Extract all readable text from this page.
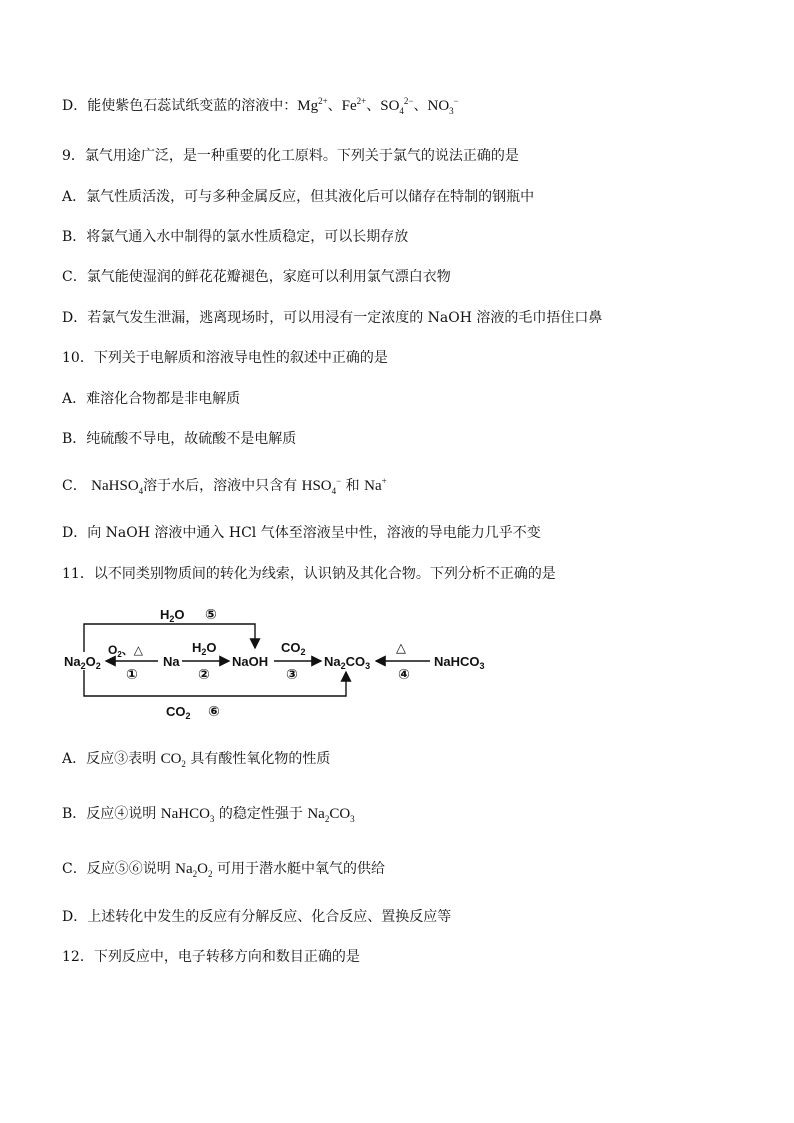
D．能使紫色石蕊试纸变蓝的溶液中：$Mg^{2+}$、$Fe^{2+}$、$SO_4^{2-}$、$NO_3^-$
9．氯气用途广泛，是一种重要的化工原料。下列关于氯气的说法正确的是
A．氯气性质活泼，可与多种金属反应，但其液化后可以储存在特制的钢瓶中
B．将氯气通入水中制得的氯水性质稳定，可以长期存放
C．氯气能使湿润的鲜花花瓣褪色，家庭可以利用氯气漂白衣物
D．若氯气发生泄漏，逃离现场时，可以用浸有一定浓度的 NaOH 溶液的毛巾捂住口鼻
10．下列关于电解质和溶液导电性的叙述中正确的是
A．难溶化合物都是非电解质
B．纯硫酸不导电，故硫酸不是电解质
C． NaHSO$_4$溶于水后，溶液中只含有 $HSO_4^-$ 和 Na+
D．向 NaOH 溶液中通入 HCl 气体至溶液呈中性，溶液的导电能力几乎不变
11．以不同类别物质间的转化为线索，认识钠及其化合物。下列分析不正确的是
$H_2O$ ⑤
$CO_2$ ⑥
$Na_2O_2$	Na	NaOH	$Na_2CO_3$	NaHCO$_3$
$O_2$、△
①
$H_2O$
②
$CO_2$
③
△
④
A．反应③表明 $CO_2$ 具有酸性氧化物的性质
B．反应④说明 NaHCO$_3$ 的稳定性强于 $Na_2CO_3$
C．反应⑤⑥说明 $Na_2O_2$ 可用于潜水艇中氧气的供给
D．上述转化中发生的反应有分解反应、化合反应、置换反应等
12．下列反应中，电子转移方向和数目正确的是
